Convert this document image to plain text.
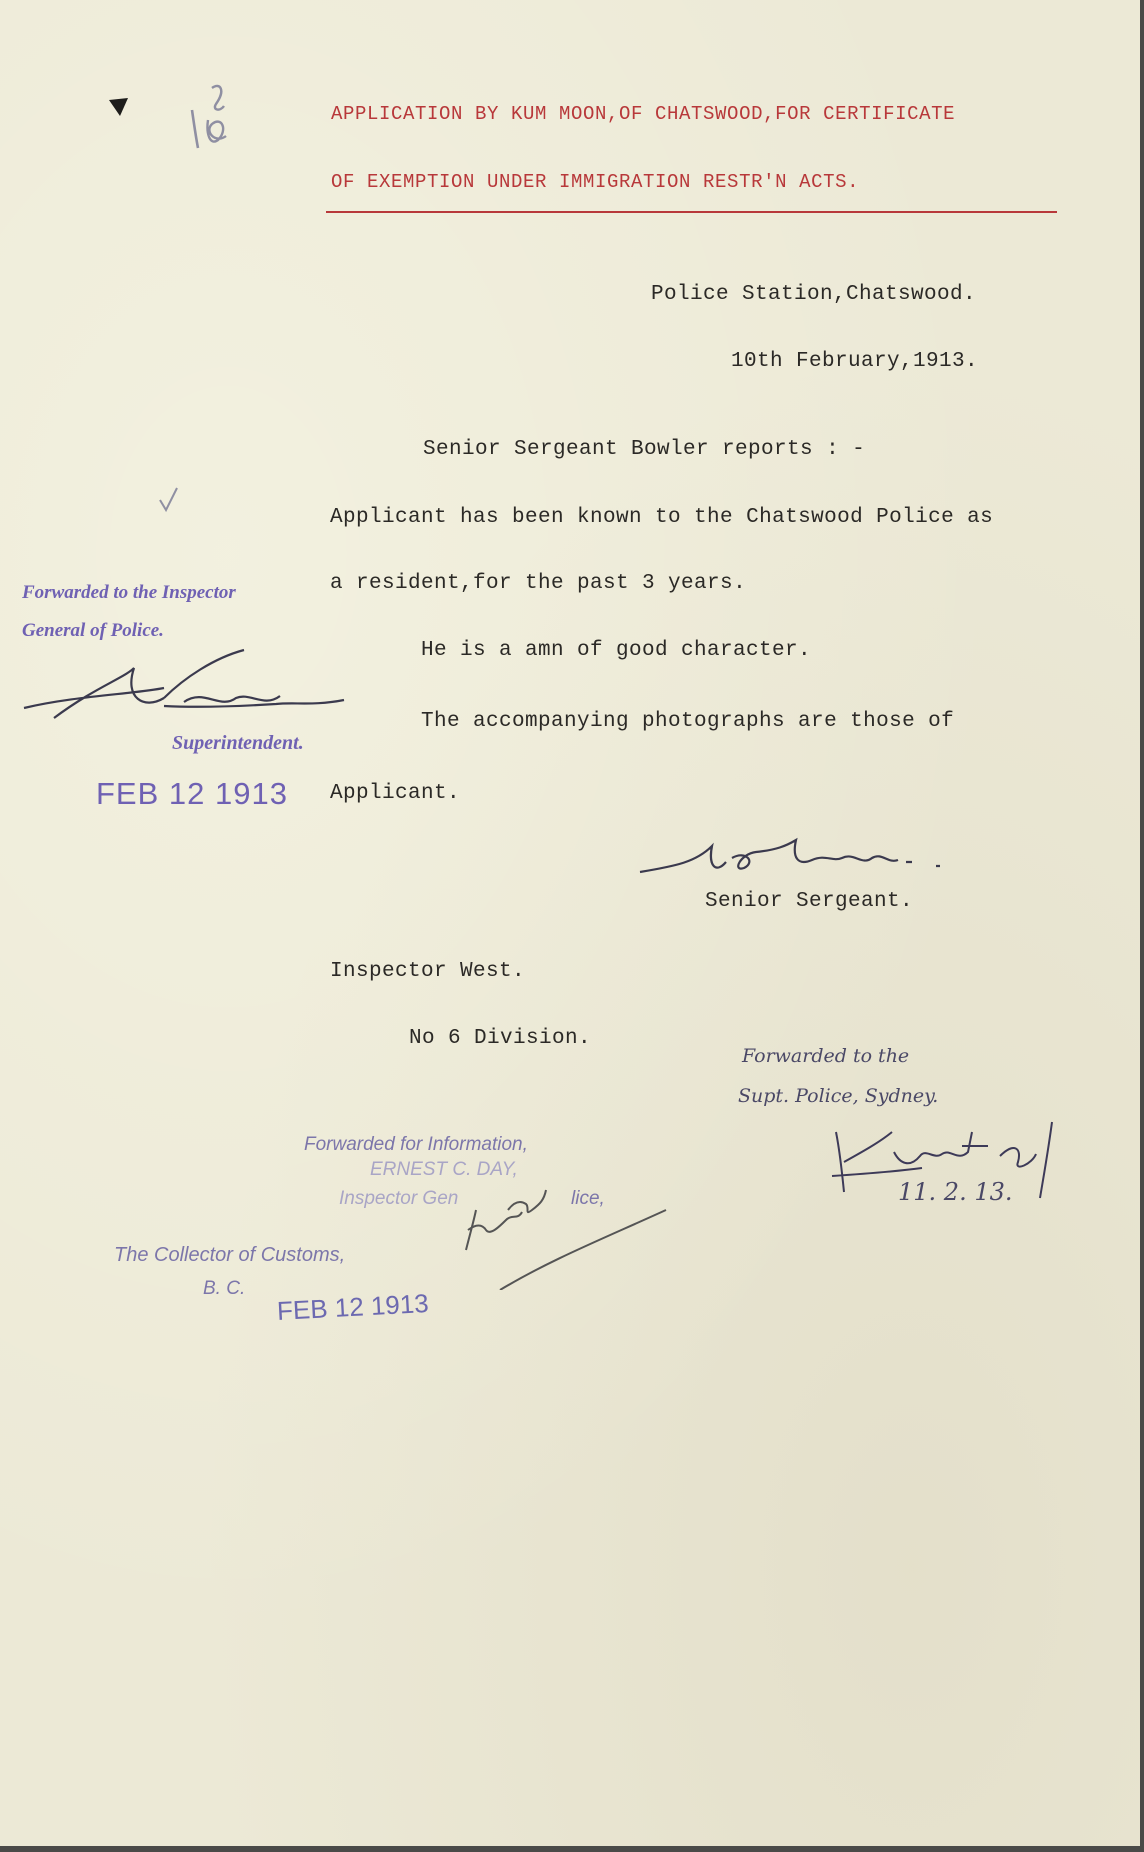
APPLICATION BY KUM MOON,OF CHATSWOOD,FOR CERTIFICATE
OF EXEMPTION UNDER IMMIGRATION RESTR'N ACTS.
Police Station,Chatswood.
10th February,1913.
Senior Sergeant Bowler reports : -
Applicant has been known to the Chatswood Police as
a resident,for the past 3 years.
He is a amn of good character.
The accompanying photographs are those of
Applicant.
Forwarded to the Inspector
General of Police.
Superintendent.
FEB 12 1913
Senior Sergeant.
Inspector West.
No 6 Division.
Forwarded to the
Supt. Police, Sydney.
11. 2. 13.
Forwarded for Information,
ERNEST C. DAY,
Inspector Gen	lice,
The Collector of Customs,
B. C. FEB 12 1913
